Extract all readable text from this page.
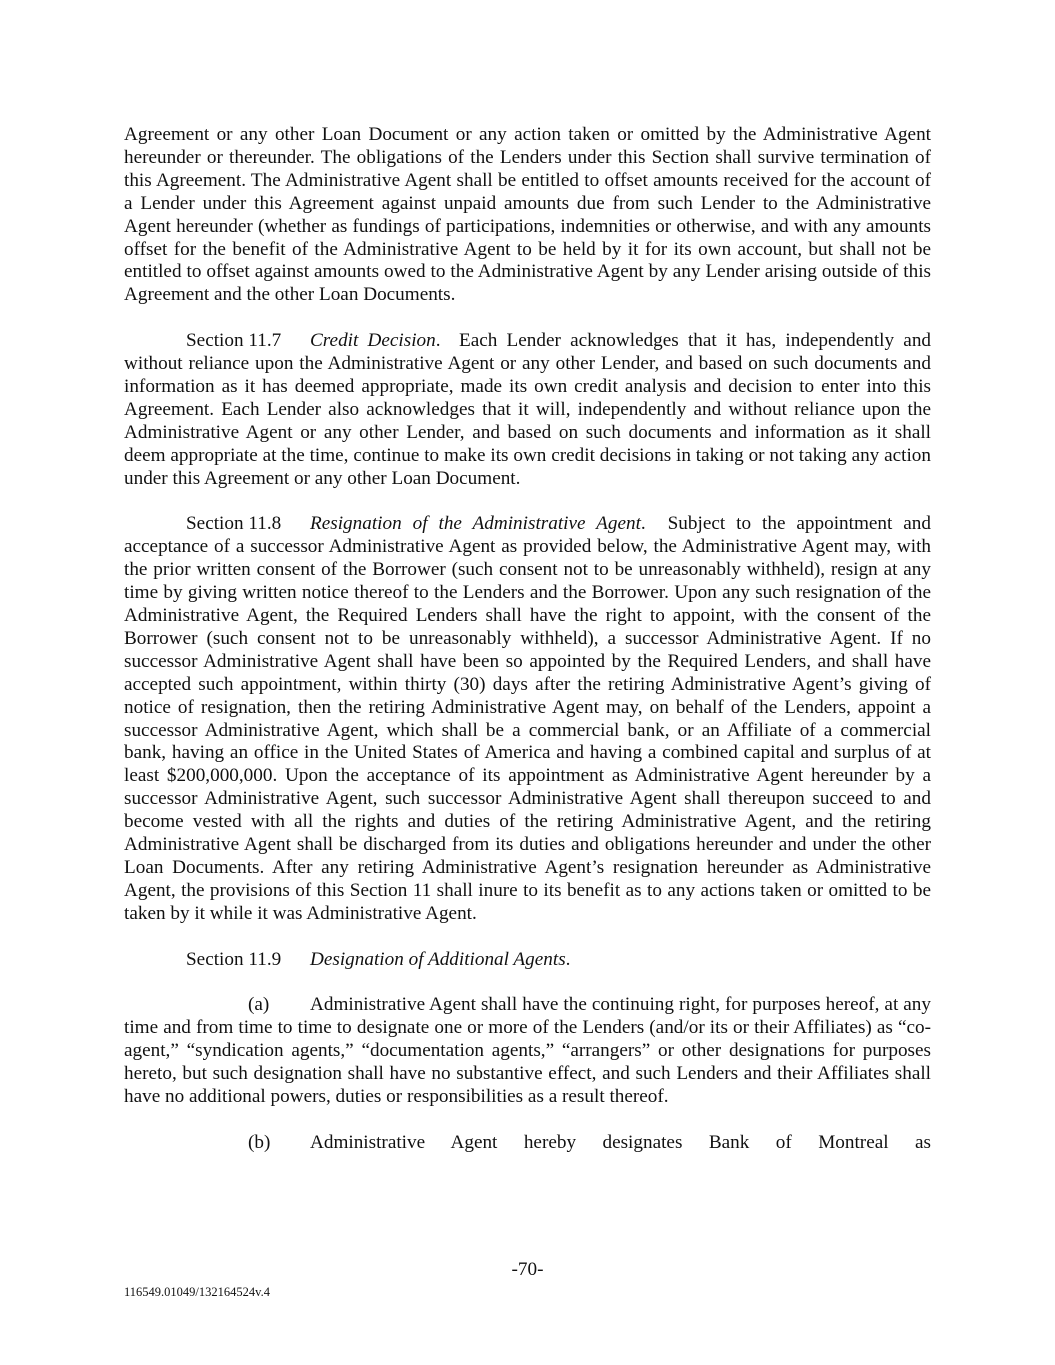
Agreement or any other Loan Document or any action taken or omitted by the Administrative Agent hereunder or thereunder. The obligations of the Lenders under this Section shall survive termination of this Agreement. The Administrative Agent shall be entitled to offset amounts received for the account of a Lender under this Agreement against unpaid amounts due from such Lender to the Administrative Agent hereunder (whether as fundings of participations, indemnities or otherwise, and with any amounts offset for the benefit of the Administrative Agent to be held by it for its own account, but shall not be entitled to offset against amounts owed to the Administrative Agent by any Lender arising outside of this Agreement and the other Loan Documents.

Section 11.7 Credit Decision.  Each Lender acknowledges that it has, independently and without reliance upon the Administrative Agent or any other Lender, and based on such documents and information as it has deemed appropriate, made its own credit analysis and decision to enter into this Agreement. Each Lender also acknowledges that it will, independently and without reliance upon the Administrative Agent or any other Lender, and based on such documents and information as it shall deem appropriate at the time, continue to make its own credit decisions in taking or not taking any action under this Agreement or any other Loan Document.

Section 11.8 Resignation of the Administrative Agent.  Subject to the appointment and acceptance of a successor Administrative Agent as provided below, the Administrative Agent may, with the prior written consent of the Borrower (such consent not to be unreasonably withheld), resign at any time by giving written notice thereof to the Lenders and the Borrower. Upon any such resignation of the Administrative Agent, the Required Lenders shall have the right to appoint, with the consent of the Borrower (such consent not to be unreasonably withheld), a successor Administrative Agent. If no successor Administrative Agent shall have been so appointed by the Required Lenders, and shall have accepted such appointment, within thirty (30) days after the retiring Administrative Agent’s giving of notice of resignation, then the retiring Administrative Agent may, on behalf of the Lenders, appoint a successor Administrative Agent, which shall be a commercial bank, or an Affiliate of a commercial bank, having an office in the United States of America and having a combined capital and surplus of at least $200,000,000. Upon the acceptance of its appointment as Administrative Agent hereunder by a successor Administrative Agent, such successor Administrative Agent shall thereupon succeed to and become vested with all the rights and duties of the retiring Administrative Agent, and the retiring Administrative Agent shall be discharged from its duties and obligations hereunder and under the other Loan Documents. After any retiring Administrative Agent’s resignation hereunder as Administrative Agent, the provisions of this Section 11 shall inure to its benefit as to any actions taken or omitted to be taken by it while it was Administrative Agent.

Section 11.9 Designation of Additional Agents.

(a) Administrative Agent shall have the continuing right, for purposes hereof, at any time and from time to time to designate one or more of the Lenders (and/or its or their Affiliates) as “co-agent,” “syndication agents,” “documentation agents,” “arrangers” or other designations for purposes hereto, but such designation shall have no substantive effect, and such Lenders and their Affiliates shall have no additional powers, duties or responsibilities as a result thereof.

(b) Administrative Agent hereby designates Bank of Montreal as

-70-
116549.01049/132164524v.4
